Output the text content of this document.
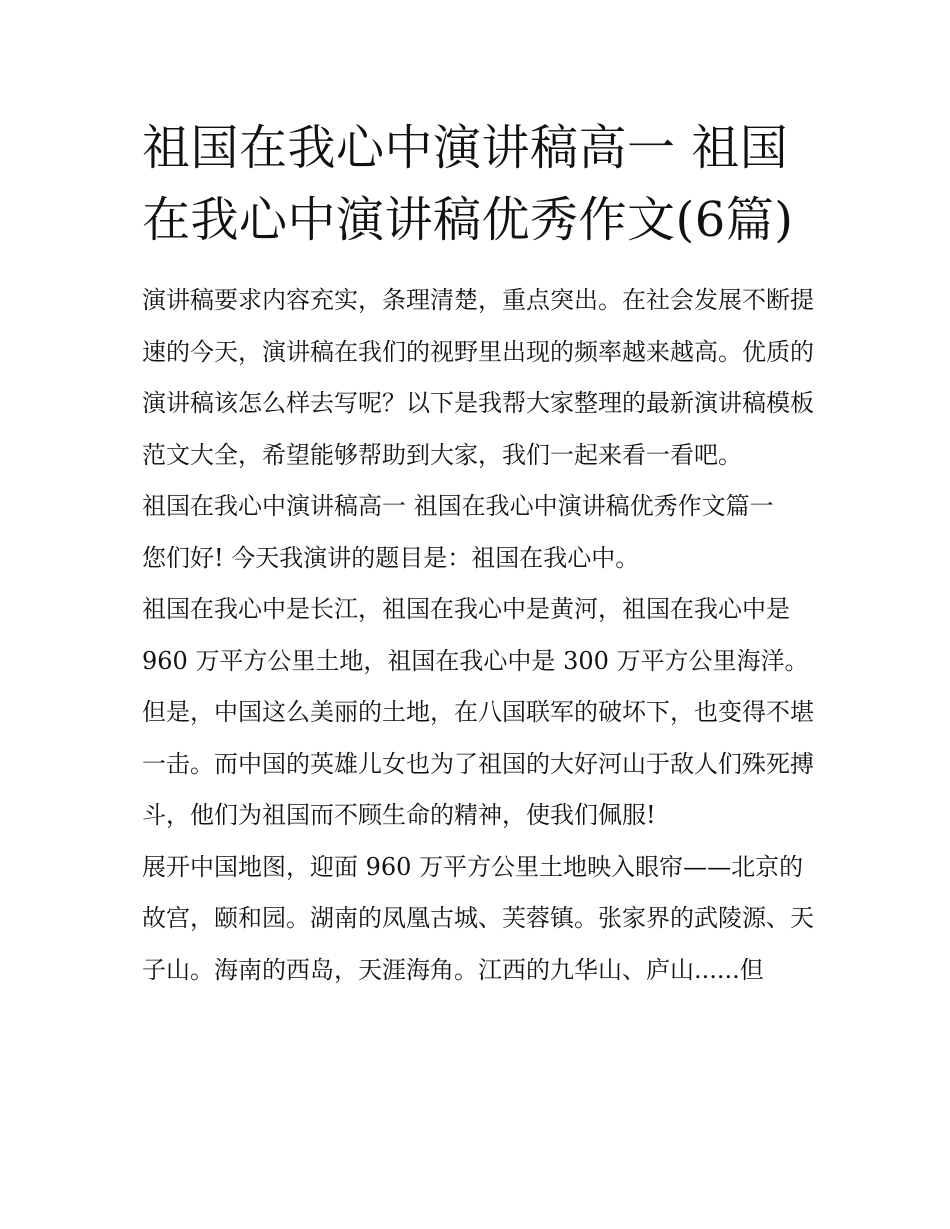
祖国在我心中演讲稿高一 祖国在我心中演讲稿优秀作文(6篇)

演讲稿要求内容充实，条理清楚，重点突出。在社会发展不断提速的今天，演讲稿在我们的视野里出现的频率越来越高。优质的演讲稿该怎么样去写呢？以下是我帮大家整理的最新演讲稿模板范文大全，希望能够帮助到大家，我们一起来看一看吧。

祖国在我心中演讲稿高一 祖国在我心中演讲稿优秀作文篇一

您们好! 今天我演讲的题目是：祖国在我心中。

祖国在我心中是长江，祖国在我心中是黄河，祖国在我心中是960 万平方公里土地，祖国在我心中是 300 万平方公里海洋。

但是，中国这么美丽的土地，在八国联军的破坏下，也变得不堪一击。而中国的英雄儿女也为了祖国的大好河山于敌人们殊死搏斗，他们为祖国而不顾生命的精神，使我们佩服!

展开中国地图，迎面 960 万平方公里土地映入眼帘——北京的故宫，颐和园。湖南的凤凰古城、芙蓉镇。张家界的武陵源、天子山。海南的西岛，天涯海角。江西的九华山、庐山......但
